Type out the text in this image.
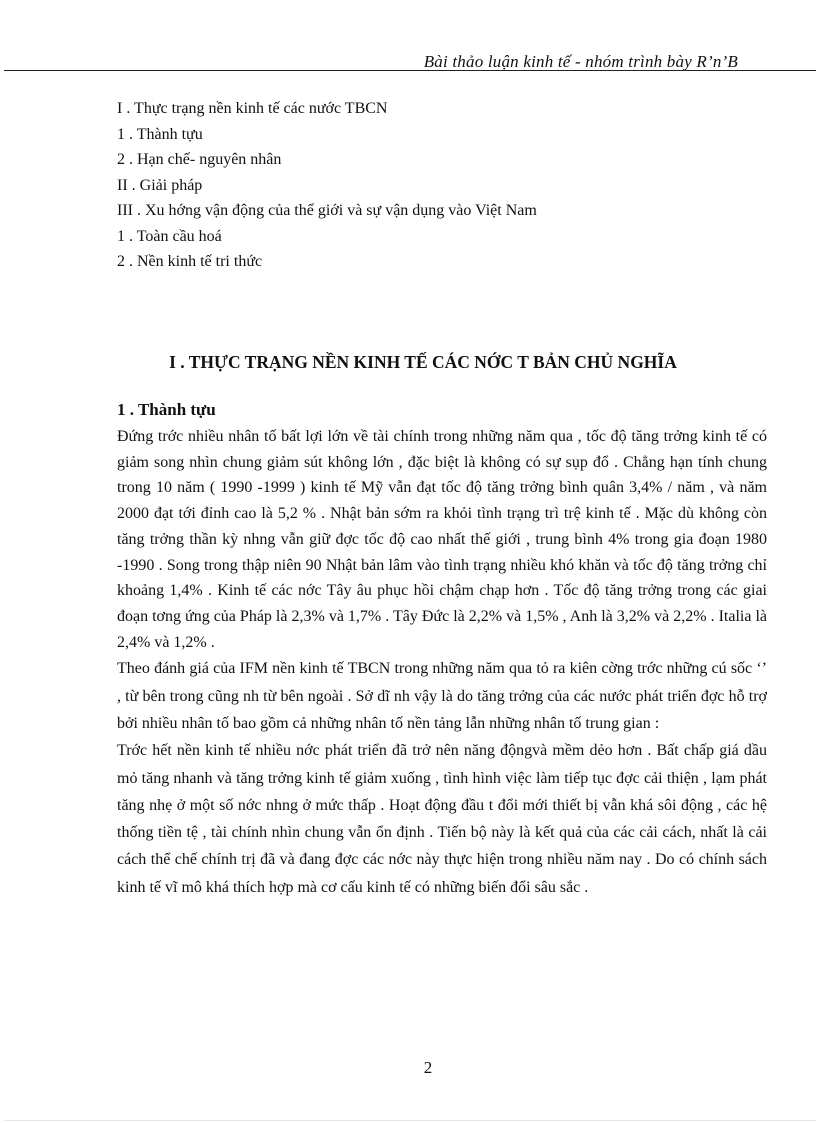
Bài thảo luận kinh tế - nhóm trình bày R’n’B
I . Thực trạng nền kinh tế các nước TBCN
1 . Thành tựu
2 . Hạn chế- nguyên nhân
II . Giải pháp
III . Xu hớng vận động của thế giới và sự vận dụng vào Việt Nam
1 . Toàn cầu hoá
2 . Nền kinh tế tri thức
I . THỰC TRẠNG NỀN KINH TẾ CÁC NỚC T BẢN CHỦ NGHĨA
1 . Thành tựu

Đứng trớc nhiều nhân tố bất lợi lớn về tài chính trong những năm qua , tốc độ tăng trởng kinh tế có giảm song nhìn chung giảm sút không lớn , đặc biệt là không có sự sụp đổ . Chẳng hạn tính chung trong 10 năm ( 1990 -1999 ) kinh tế Mỹ vẫn đạt tốc độ tăng trởng bình quân 3,4% / năm , và năm 2000 đạt tới đỉnh cao là 5,2 % . Nhật bản sớm ra khỏi tình trạng trì trệ kinh tế . Mặc dù không còn tăng trởng thần kỳ nhng vẫn giữ đợc tốc độ cao nhất thế giới , trung bình 4% trong gia đoạn 1980 -1990 . Song trong thập niên 90 Nhật bản lâm vào tình trạng nhiều khó khăn và tốc độ tăng trởng chỉ khoảng 1,4% . Kinh tế các nớc Tây âu phục hồi chậm chạp hơn . Tốc độ tăng trởng trong các giai đoạn tơng ứng của Pháp là 2,3% và 1,7% . Tây Đức là 2,2% và 1,5% , Anh là 3,2% và 2,2% . Italia là 2,4% và 1,2% .

Theo đánh giá của IFM nền kinh tế TBCN trong những năm qua tỏ ra kiên cờng trớc những cú sốc ‘’ , từ bên trong cũng nh từ bên ngoài . Sở dĩ nh vậy là do tăng trởng của các nước phát triển đợc hỗ trợ bởi nhiều nhân tố bao gồm cả những nhân tố nền tảng lẫn những nhân tố trung gian :

Trớc hết nền kinh tế nhiều nớc phát triển đã trở nên năng độngvà mềm dẻo hơn . Bất chấp giá dầu mỏ tăng nhanh và tăng trởng kinh tế giảm xuống , tình hình việc làm tiếp tục đợc cải thiện , lạm phát tăng nhẹ ở một số nớc nhng ở mức thấp . Hoạt động đầu t đổi mới thiết bị vẫn khá sôi động , các hệ thống tiền tệ , tài chính nhìn chung vẫn ổn định . Tiến bộ này là kết quả của các cải cách, nhất là cải cách thể chế chính trị đã và đang đợc các nớc này thực hiện trong nhiều năm nay . Do có chính sách kinh tế vĩ mô khá thích hợp mà cơ cấu kinh tế có những biến đổi sâu sắc .

2
